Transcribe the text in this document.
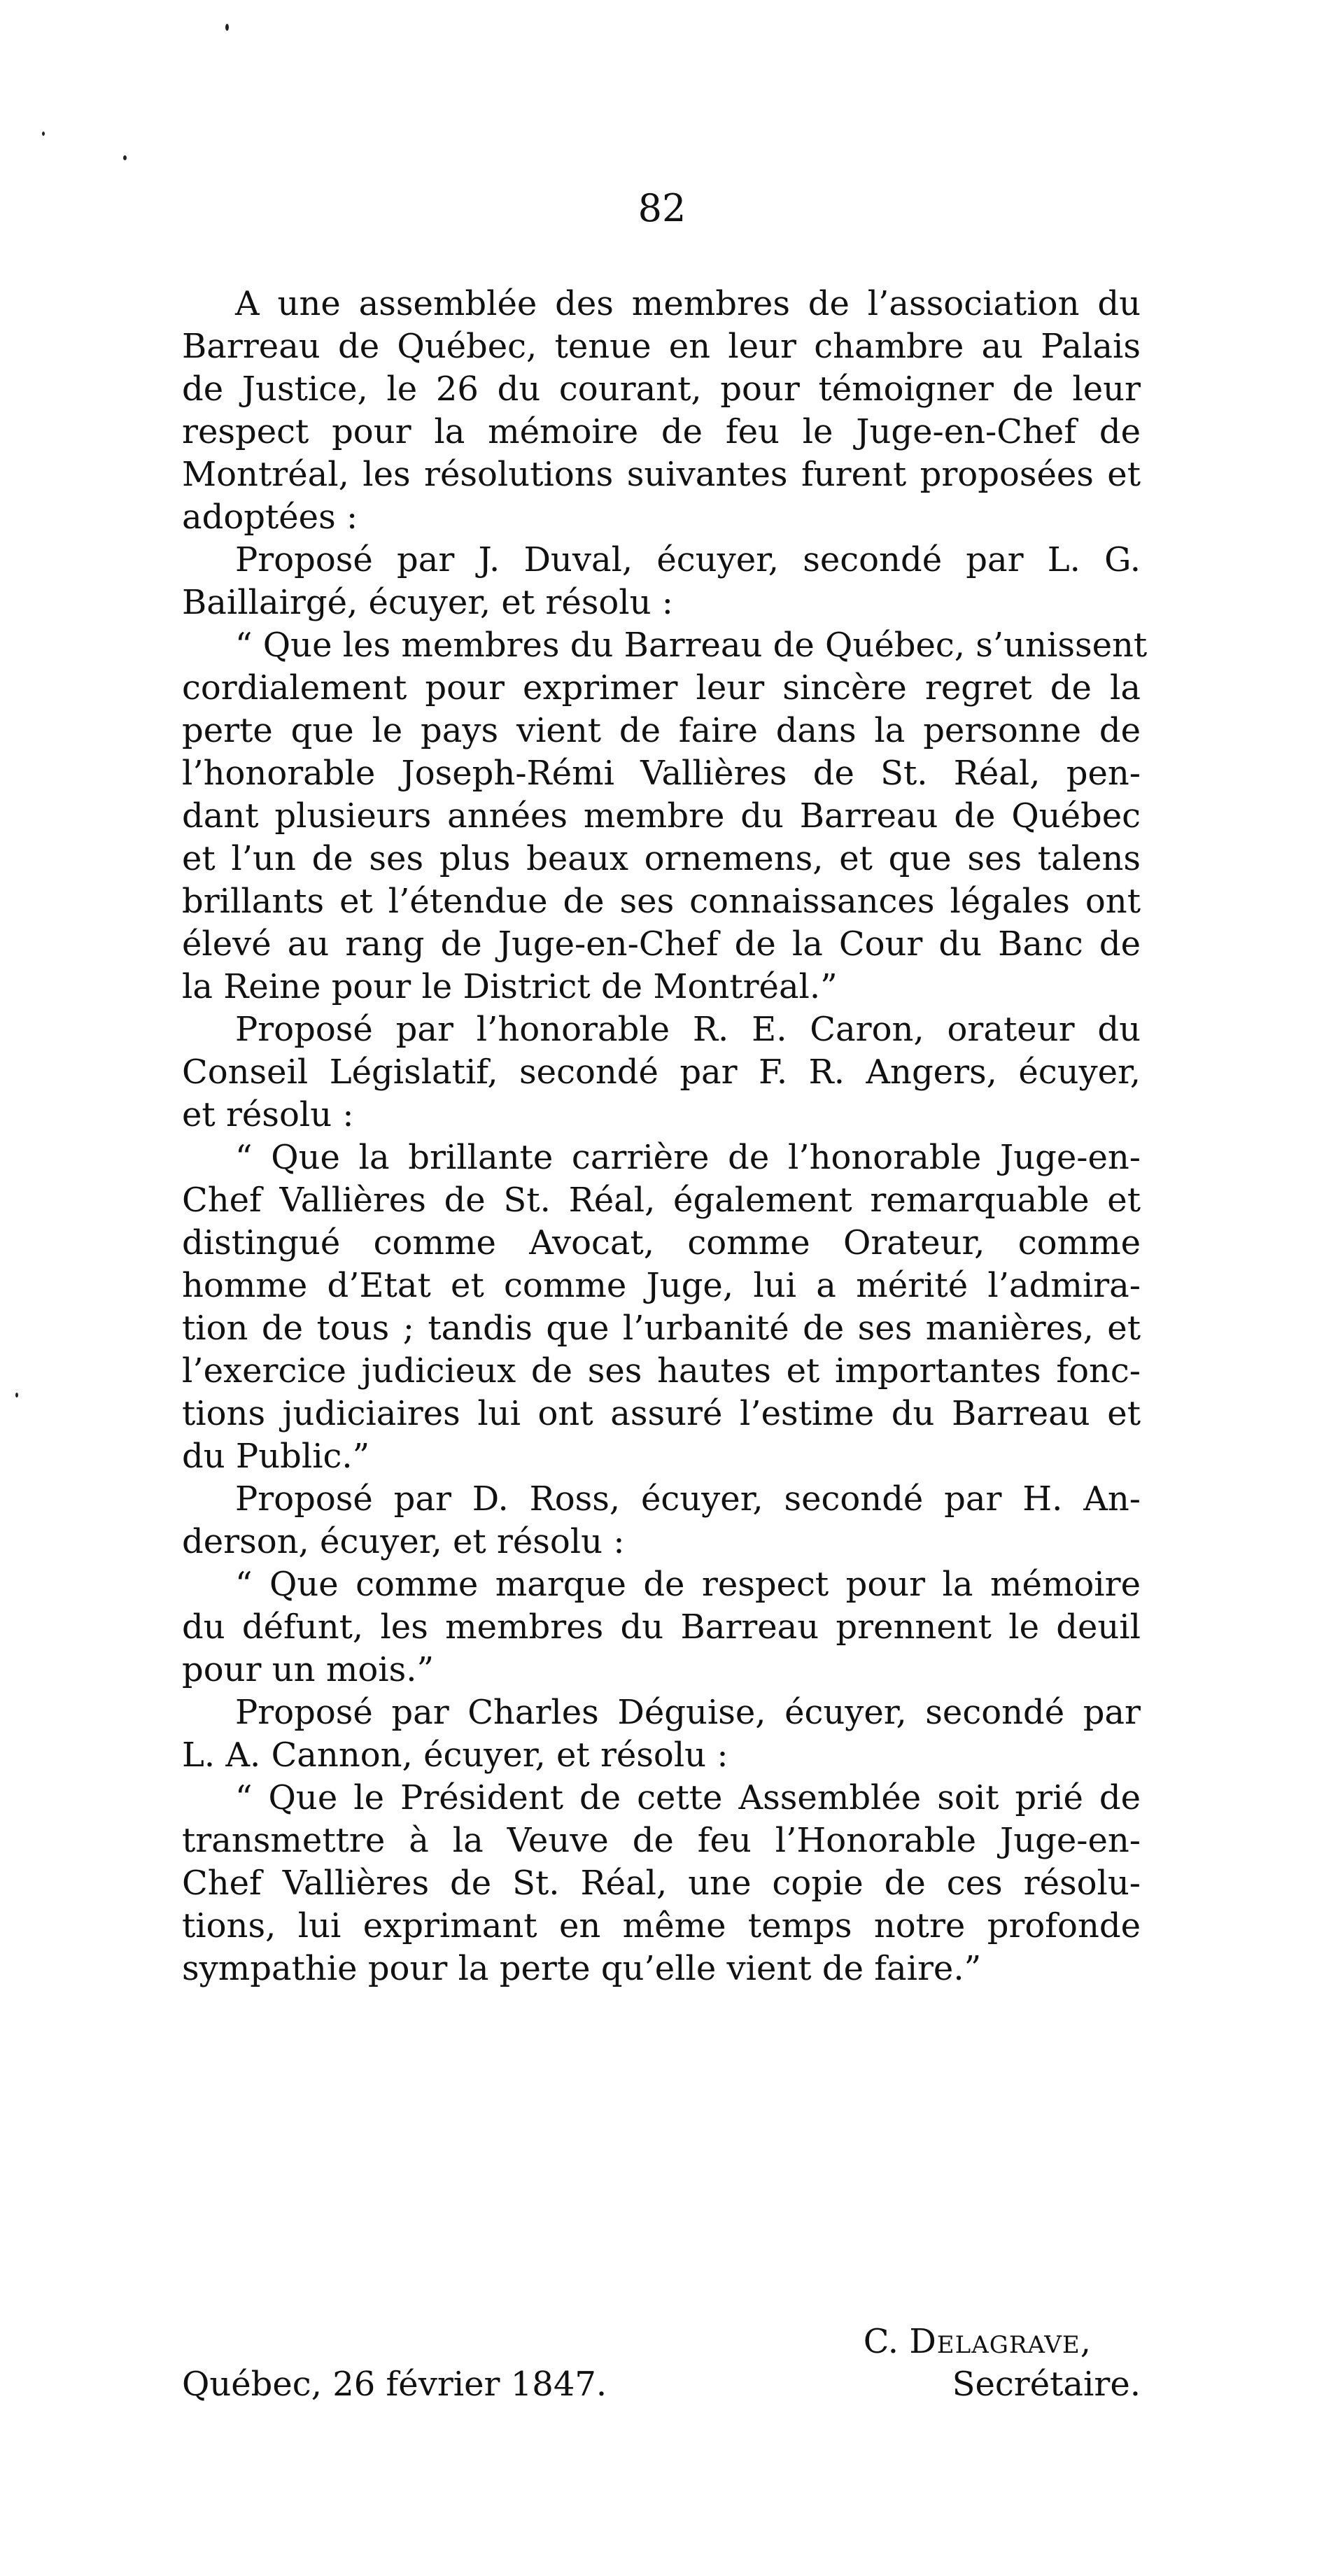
82
A une assemblée des membres de l’association du
Barreau de Québec, tenue en leur chambre au Palais
de Justice, le 26 du courant, pour témoigner de leur
respect pour la mémoire de feu le Juge-en-Chef de
Montréal, les résolutions suivantes furent proposées et
adoptées :
Proposé par J. Duval, écuyer, secondé par L. G.
Baillairgé, écuyer, et résolu :
“ Que les membres du Barreau de Québec, s’unissent
cordialement pour exprimer leur sincère regret de la
perte que le pays vient de faire dans la personne de
l’honorable Joseph-Rémi Vallières de St. Réal, pen-
dant plusieurs années membre du Barreau de Québec
et l’un de ses plus beaux ornemens, et que ses talens
brillants et l’étendue de ses connaissances légales ont
élevé au rang de Juge-en-Chef de la Cour du Banc de
la Reine pour le District de Montréal.”
Proposé par l’honorable R. E. Caron, orateur du
Conseil Législatif, secondé par F. R. Angers, écuyer,
et résolu :
“ Que la brillante carrière de l’honorable Juge-en-
Chef Vallières de St. Réal, également remarquable et
distingué comme Avocat, comme Orateur, comme
homme d’Etat et comme Juge, lui a mérité l’admira-
tion de tous ; tandis que l’urbanité de ses manières, et
l’exercice judicieux de ses hautes et importantes fonc-
tions judiciaires lui ont assuré l’estime du Barreau et
du Public.”
Proposé par D. Ross, écuyer, secondé par H. An-
derson, écuyer, et résolu :
“ Que comme marque de respect pour la mémoire
du défunt, les membres du Barreau prennent le deuil
pour un mois.”
Proposé par Charles Déguise, écuyer, secondé par
L. A. Cannon, écuyer, et résolu :
“ Que le Président de cette Assemblée soit prié de
transmettre à la Veuve de feu l’Honorable Juge-en-
Chef Vallières de St. Réal, une copie de ces résolu-
tions, lui exprimant en même temps notre profonde
sympathie pour la perte qu’elle vient de faire.”
C. Delagrave,
Québec, 26 février 1847.	Secrétaire.
